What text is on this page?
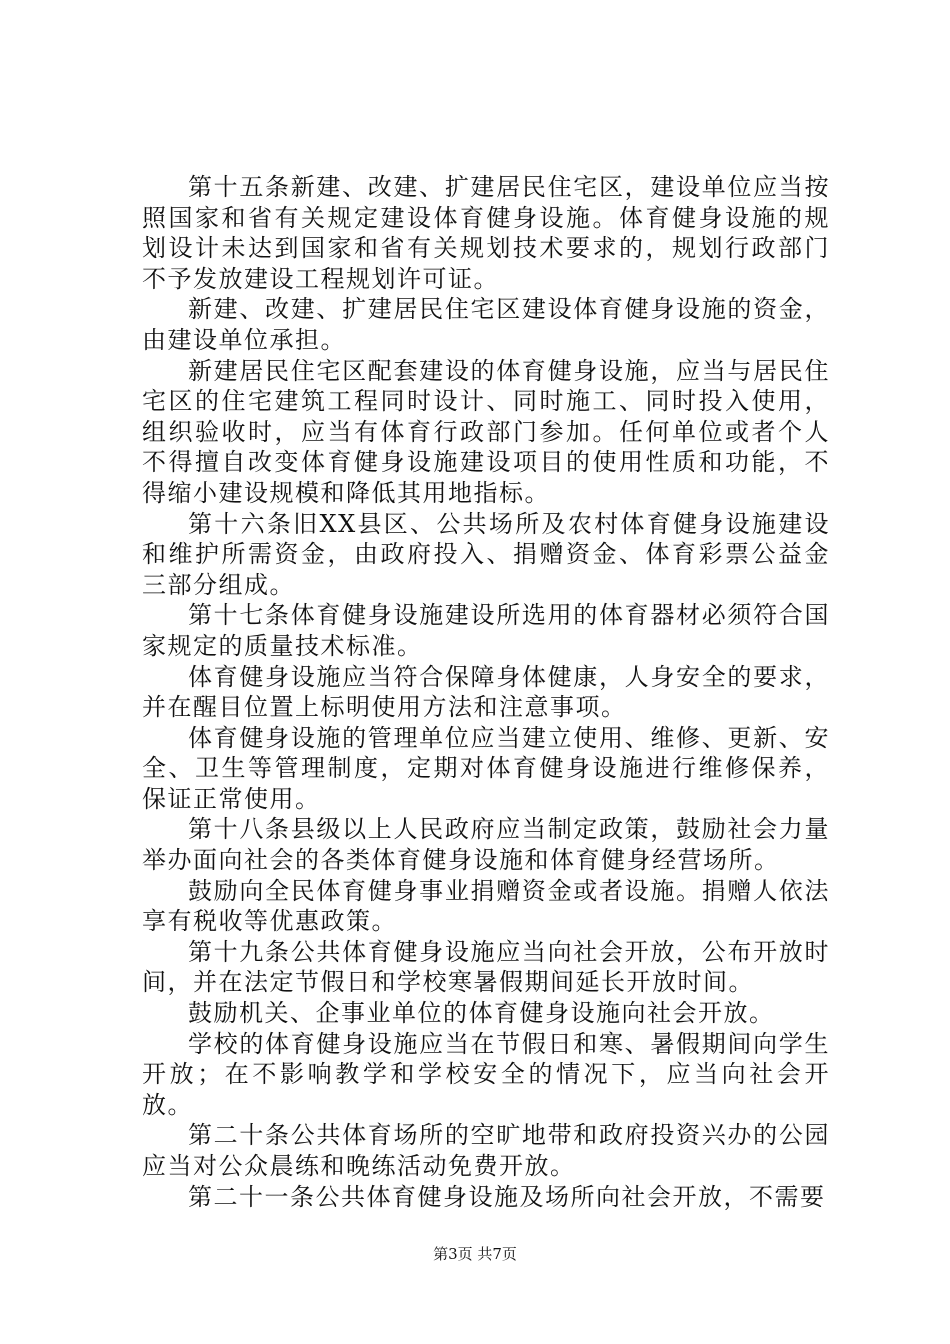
第十五条新建、改建、扩建居民住宅区，建设单位应当按照国家和省有关规定建设体育健身设施。体育健身设施的规划设计未达到国家和省有关规划技术要求的，规划行政部门不予发放建设工程规划许可证。

新建、改建、扩建居民住宅区建设体育健身设施的资金，由建设单位承担。

新建居民住宅区配套建设的体育健身设施，应当与居民住宅区的住宅建筑工程同时设计、同时施工、同时投入使用，组织验收时，应当有体育行政部门参加。任何单位或者个人不得擅自改变体育健身设施建设项目的使用性质和功能，不得缩小建设规模和降低其用地指标。

第十六条旧XX县区、公共场所及农村体育健身设施建设和维护所需资金，由政府投入、捐赠资金、体育彩票公益金三部分组成。

第十七条体育健身设施建设所选用的体育器材必须符合国家规定的质量技术标准。

体育健身设施应当符合保障身体健康，人身安全的要求，并在醒目位置上标明使用方法和注意事项。

体育健身设施的管理单位应当建立使用、维修、更新、安全、卫生等管理制度，定期对体育健身设施进行维修保养，保证正常使用。

第十八条县级以上人民政府应当制定政策，鼓励社会力量举办面向社会的各类体育健身设施和体育健身经营场所。

鼓励向全民体育健身事业捐赠资金或者设施。捐赠人依法享有税收等优惠政策。

第十九条公共体育健身设施应当向社会开放，公布开放时间，并在法定节假日和学校寒暑假期间延长开放时间。

鼓励机关、企事业单位的体育健身设施向社会开放。

学校的体育健身设施应当在节假日和寒、暑假期间向学生开放；在不影响教学和学校安全的情况下，应当向社会开放。

第二十条公共体育场所的空旷地带和政府投资兴办的公园应当对公众晨练和晚练活动免费开放。

第二十一条公共体育健身设施及场所向社会开放，不需要

第3页 共7页
